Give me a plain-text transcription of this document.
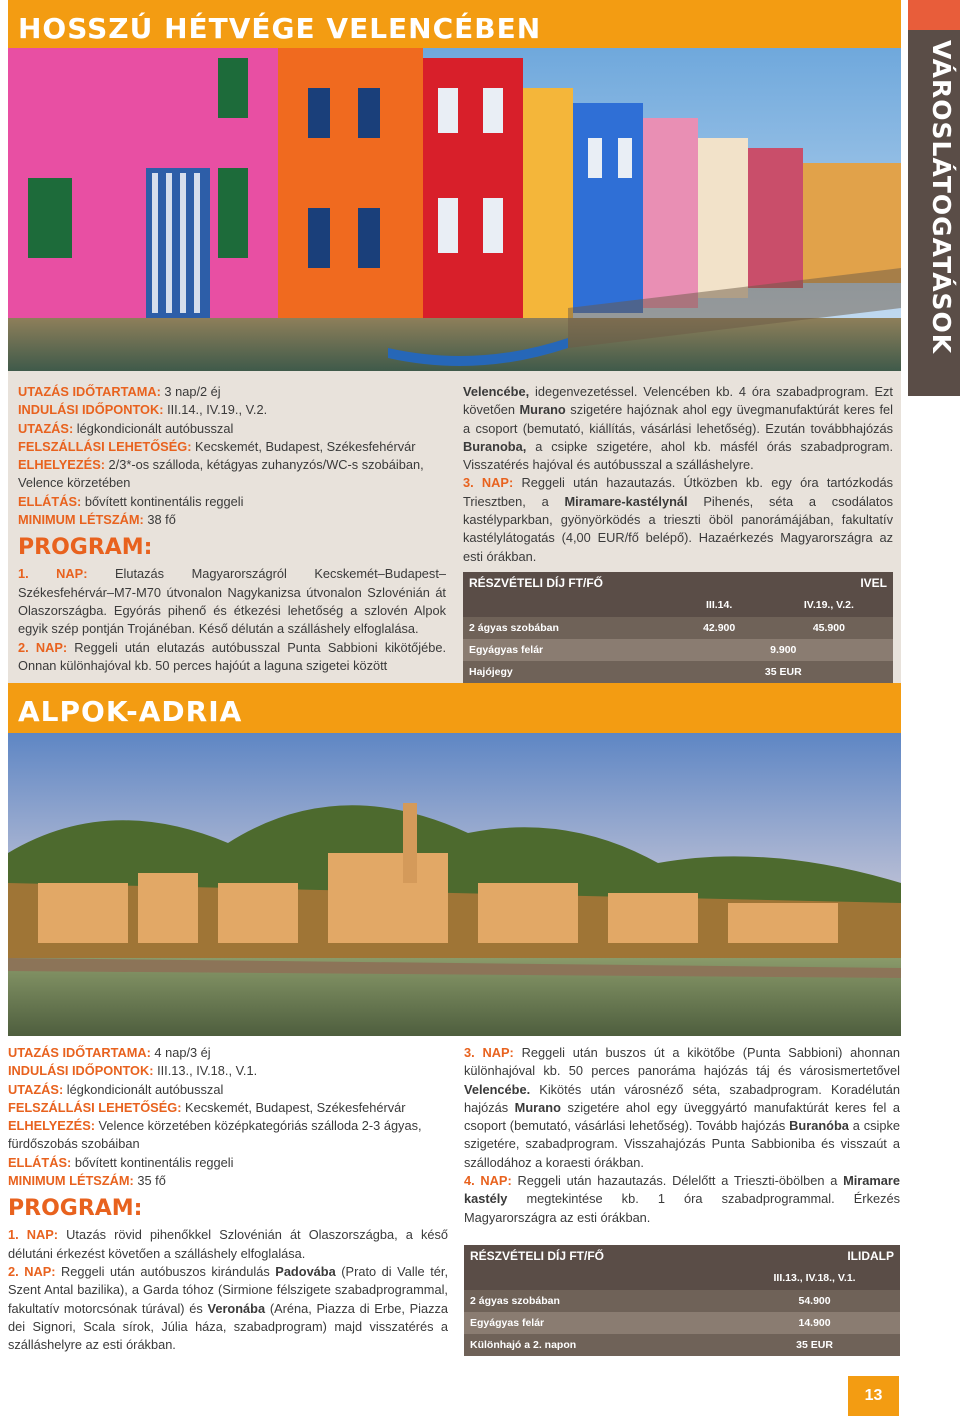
VÁROSLÁTOGATÁSOK
HOSSZÚ HÉTVÉGE VELENCÉBEN

UTAZÁS IDŐTARTAMA: 3 nap/2 éj

INDULÁSI IDŐPONTOK: III.14., IV.19., V.2.

UTAZÁS: légkondicionált autóbusszal

FELSZÁLLÁSI LEHETŐSÉG: Kecskemét, Budapest, Székesfehérvár

ELHELYEZÉS: 2/3*-os szálloda, kétágyas zuhanyzós/WC-s szobáiban, Velence körzetében

ELLÁTÁS: bővített kontinentális reggeli

MINIMUM LÉTSZÁM: 38 fő

PROGRAM:

1. NAP: Elutazás Magyarországról Kecskemét–Budapest–Székesfehérvár–M7-M70 útvonalon Nagykanizsa útvonalon Szlovénián át Olaszországba. Egyórás pihenő és étkezési lehetőség a szlovén Alpok egyik szép pontján Trojánéban. Késő délután a szálláshely elfoglalása.

2. NAP: Reggeli után elutazás autóbusszal Punta Sabbioni kikötőjébe. Onnan különhajóval kb. 50 perces hajóút a laguna szigetei között

Velencébe, idegenvezetéssel. Velencében kb. 4 óra szabadprogram. Ezt követően Murano szigetére hajóznak ahol egy üvegmanufaktúrát keres fel a csoport (bemutató, kiállítás, vásárlási lehetőség). Ezután továbbhajózás Buranoba, a csipke szigetére, ahol kb. másfél órás szabadprogram. Visszatérés hajóval és autóbusszal a szálláshelyre.

3. NAP: Reggeli után hazautazás. Útközben kb. egy óra tartózkodás Triesztben, a Miramare-kastélynál Pihenés, séta a csodálatos kastélyparkban, gyönyörködés a trieszti öböl panorámájában, fakultatív kastélylátogatás (4,00 EUR/fő belépő). Hazaérkezés Magyarországra az esti órákban.

RÉSZVÉTELI DÍJ FT/FŐ		IVEL
	III.14.	IV.19., V.2.
2 ágyas szobában	42.900	45.900
Egyágyas felár	9.900	
Hajójegy	35 EUR	
ALPOK-ADRIA

UTAZÁS IDŐTARTAMA: 4 nap/3 éj

INDULÁSI IDŐPONTOK: III.13., IV.18., V.1.

UTAZÁS: légkondicionált autóbusszal

FELSZÁLLÁSI LEHETŐSÉG: Kecskemét, Budapest, Székesfehérvár

ELHELYEZÉS: Velence körzetében középkategóriás szálloda 2-3 ágyas, fürdőszobás szobáiban

ELLÁTÁS: bővített kontinentális reggeli

MINIMUM LÉTSZÁM: 35 fő

PROGRAM:

1. NAP: Utazás rövid pihenőkkel Szlovénián át Olaszországba, a késő délutáni érkezést követően a szálláshely elfoglalása.

2. NAP: Reggeli után autóbuszos kirándulás Padovába (Prato di Valle tér, Szent Antal bazilika), a Garda tóhoz (Sirmione félszigete szabadprogrammal, fakultatív motorcsónak túrával) és Veronába (Aréna, Piazza di Erbe, Piazza dei Signori, Scala sírok, Júlia háza, szabadprogram) majd visszatérés a szálláshelyre az esti órákban.

3. NAP: Reggeli után buszos út a kikötőbe (Punta Sabbioni) ahonnan különhajóval kb. 50 perces panoráma hajózás táj és városismertetővel Velencébe. Kikötés után városnéző séta, szabadprogram. Koradélután hajózás Murano szigetére ahol egy üveggyártó manufaktúrát keres fel a csoport (bemutató, vásárlási lehetőség). Tovább hajózás Buranóba a csipke szigetére, szabadprogram. Visszahajózás Punta Sabbioniba és visszaút a szállodához a koraesti órákban.

4. NAP: Reggeli után hazautazás. Délelőtt a Trieszti-öbölben a Miramare kastély megtekintése kb. 1 óra szabadprogrammal. Érkezés Magyarországra az esti órákban.

RÉSZVÉTELI DÍJ FT/FŐ	ILIDALP
	III.13., IV.18., V.1.
2 ágyas szobában	54.900
Egyágyas felár	14.900
Különhajó a 2. napon	35 EUR
13
